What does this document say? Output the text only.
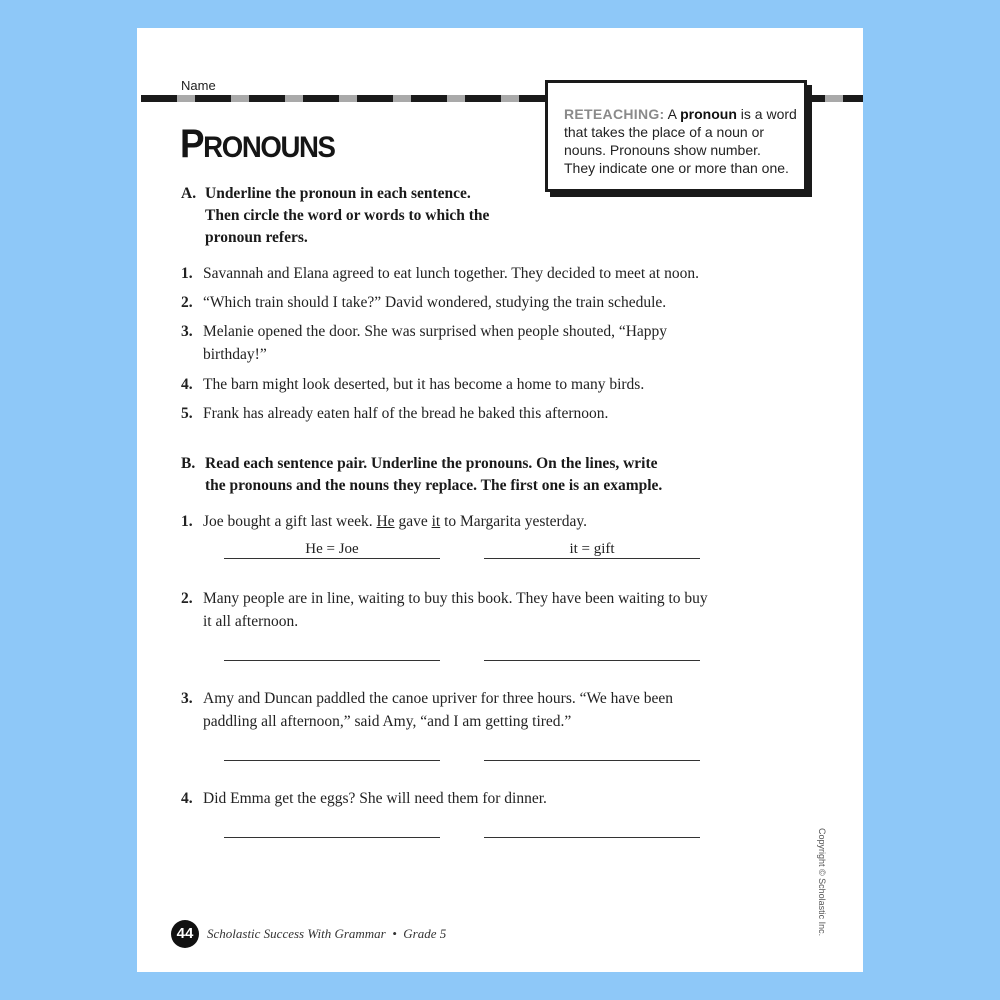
Name
PRONOUNS
RETEACHING: A pronoun is a word
that takes the place of a noun or
nouns. Pronouns show number.
They indicate one or more than one.
A. Underline the pronoun in each sentence.
Then circle the word or words to which the
pronoun refers.
1. Savannah and Elana agreed to eat lunch together. They decided to meet at noon.
2. “Which train should I take?” David wondered, studying the train schedule.
3. Melanie opened the door. She was surprised when people shouted, “Happy
birthday!”
4. The barn might look deserted, but it has become a home to many birds.
5. Frank has already eaten half of the bread he baked this afternoon.
B. Read each sentence pair. Underline the pronouns. On the lines, write
the pronouns and the nouns they replace. The first one is an example.
1. Joe bought a gift last week. He gave it to Margarita yesterday.
He = Joe	it = gift
2. Many people are in line, waiting to buy this book. They have been waiting to buy
it all afternoon.
3. Amy and Duncan paddled the canoe upriver for three hours. “We have been
paddling all afternoon,” said Amy, “and I am getting tired.”
4. Did Emma get the eggs? She will need them for dinner.
Copyright © Scholastic Inc.
44	Scholastic Success With Grammar • Grade 5
